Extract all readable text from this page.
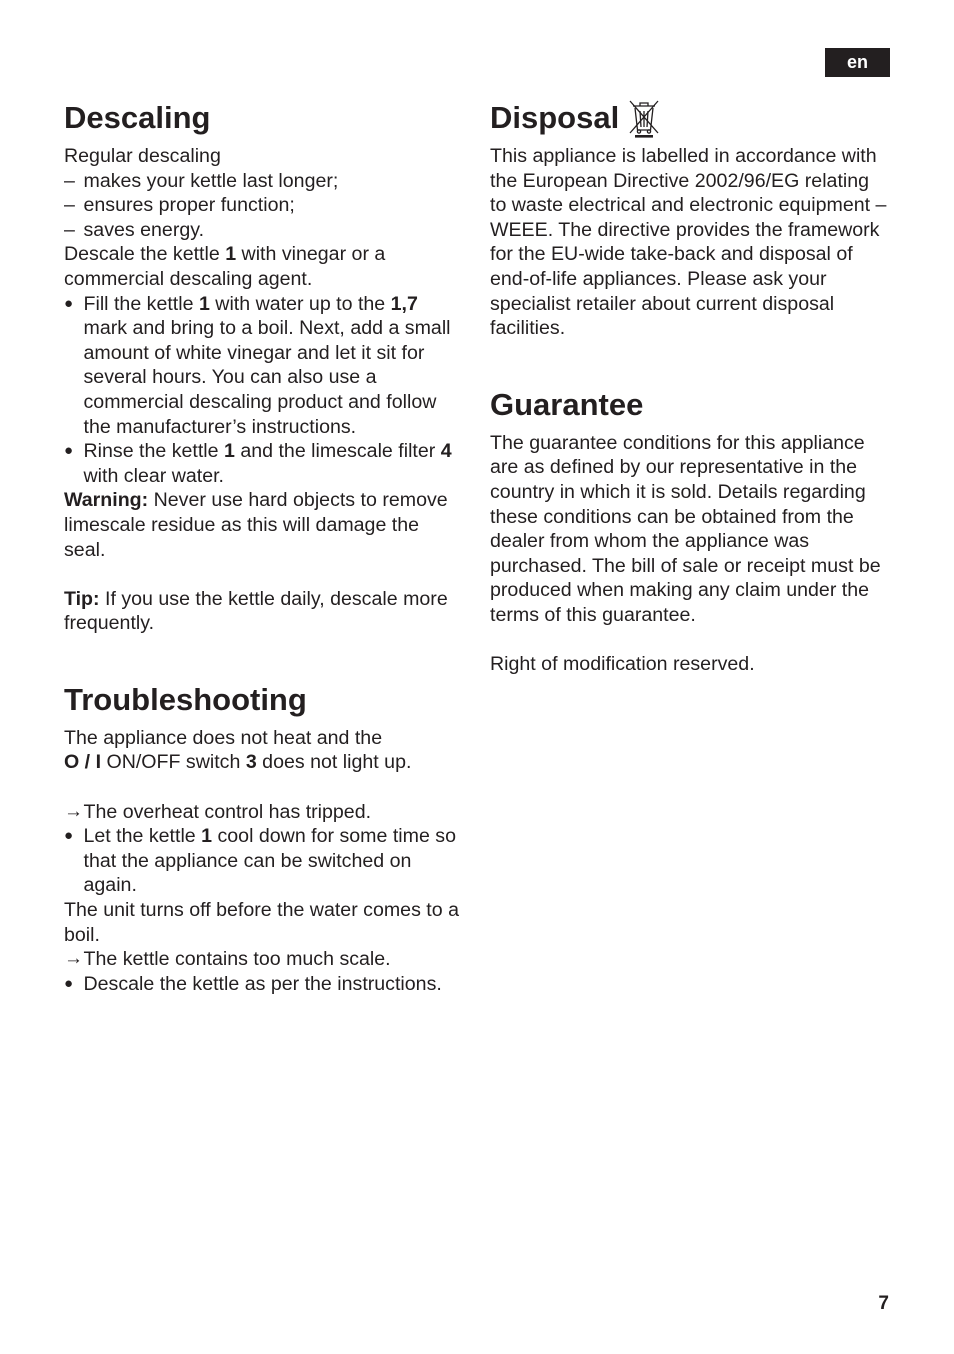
en
Descaling

Regular descaling

– makes your kettle last longer;
– ensures proper function;
– saves energy.

Descale the kettle 1 with vinegar or a commercial descaling agent.

● Fill the kettle 1 with water up to the 1,7 mark and bring to a boil. Next, add a small amount of white vinegar and let it sit for several hours. You can also use a commercial descaling product and follow the manufacturer’s instructions.
● Rinse the kettle 1 and the limescale filter 4 with clear water.

Warning: Never use hard objects to remove limescale residue as this will damage the seal.

Tip: If you use the kettle daily, descale more frequently.

Troubleshooting

The appliance does not heat and the

O / I ON/OFF switch 3 does not light up.

→ The overheat control has tripped.
● Let the kettle 1 cool down for some time so that the appliance can be switched on again.

The unit turns off before the water comes to a boil.

→ The kettle contains too much scale.
● Descale the kettle as per the instructions.
Disposal

This appliance is labelled in accordance with the European Directive 2002/96/EG relating to waste electrical and electronic equipment – WEEE. The directive provides the framework for the EU-wide take-back and disposal of end-of-life appliances. Please ask your specialist retailer about current disposal facilities.

Guarantee

The guarantee conditions for this appliance are as defined by our representative in the country in which it is sold. Details regarding these conditions can be obtained from the dealer from whom the appliance was purchased. The bill of sale or receipt must be produced when making any claim under the terms of this guarantee.

Right of modification reserved.

7
